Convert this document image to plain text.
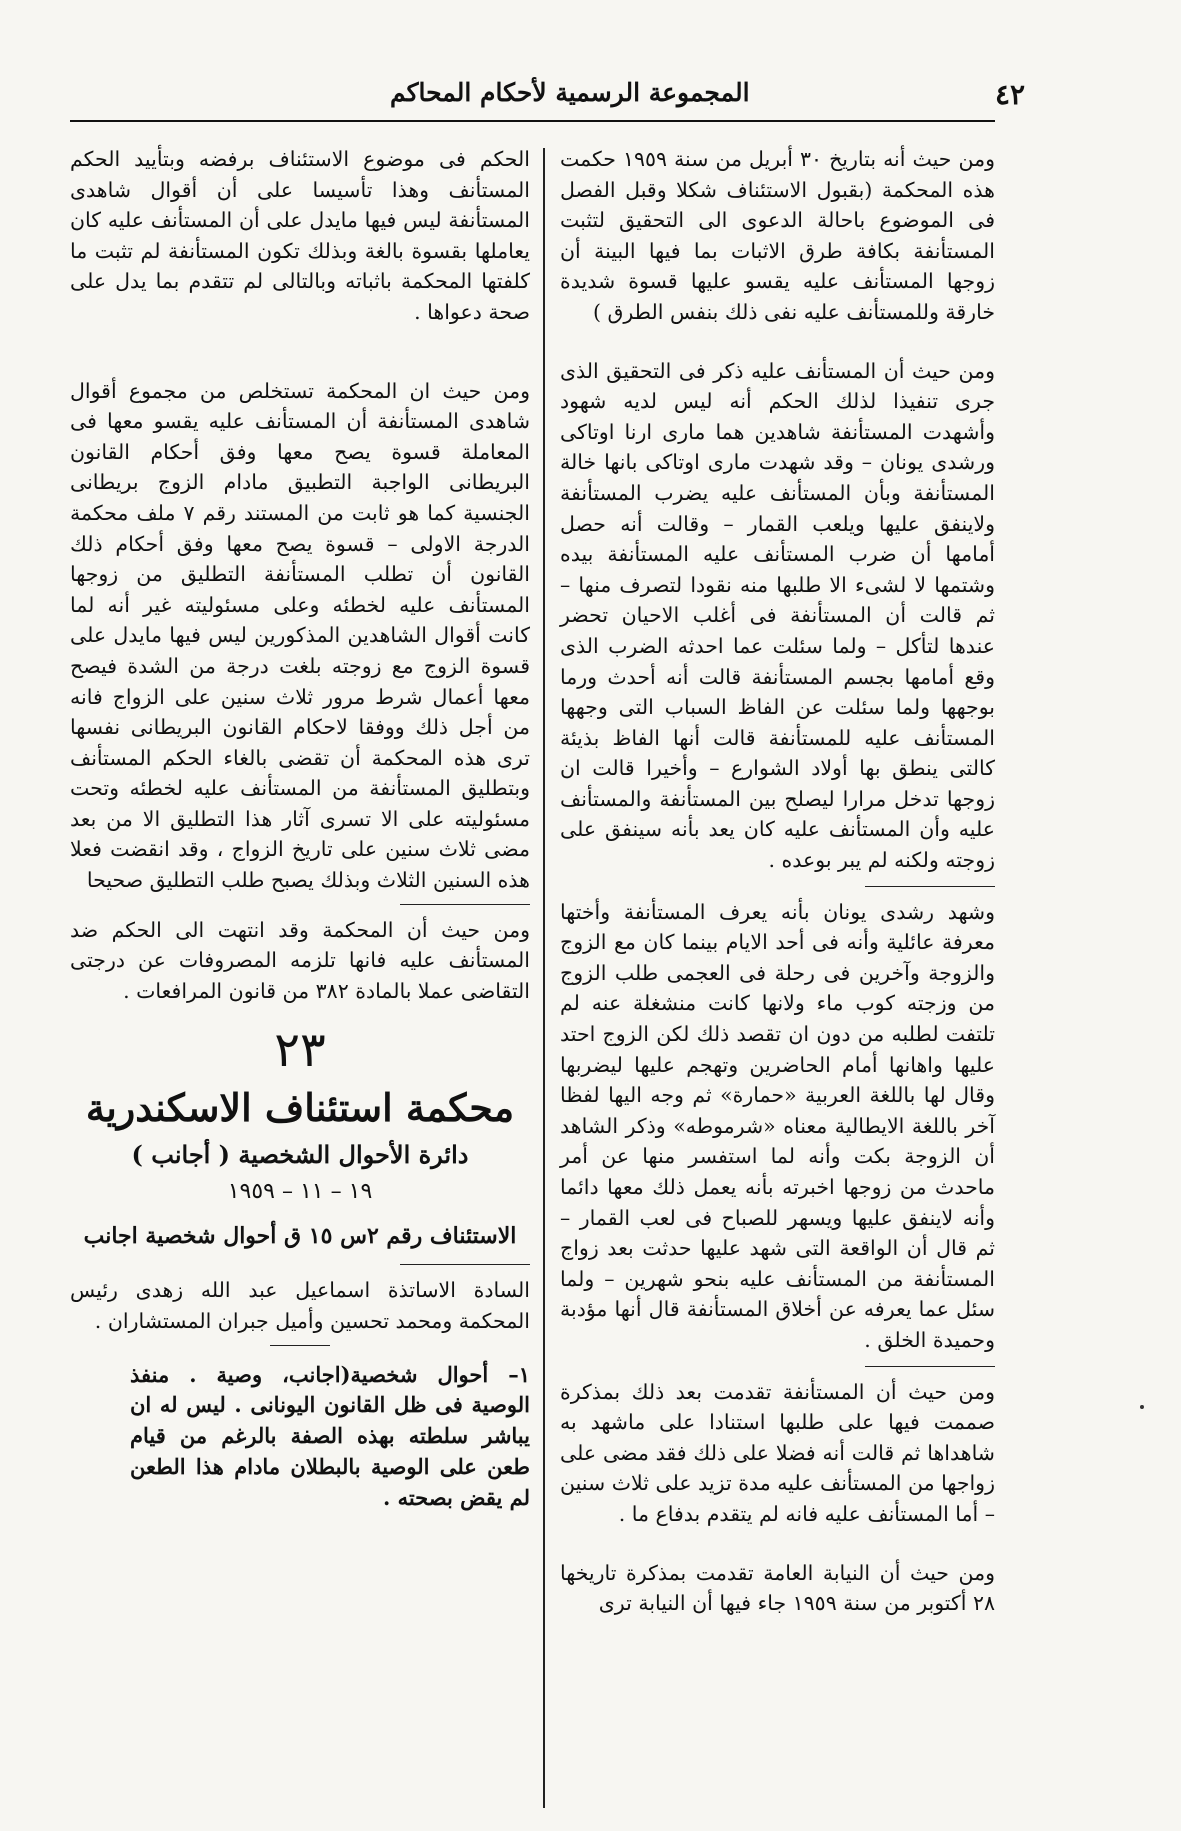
المجموعة الرسمية لأحكام المحاكم	٤٢

ومن حيث أنه بتاريخ ٣٠ أبريل من سنة ١٩٥٩ حكمت هذه المحكمة (بقبول الاستئناف شكلا وقبل الفصل فى الموضوع باحالة الدعوى الى التحقيق لتثبت المستأنفة بكافة طرق الاثبات بما فيها البينة أن زوجها المستأنف عليه يقسو عليها قسوة شديدة خارقة وللمستأنف عليه نفى ذلك بنفس الطرق )

ومن حيث أن المستأنف عليه ذكر فى التحقيق الذى جرى تنفيذا لذلك الحكم أنه ليس لديه شهود وأشهدت المستأنفة شاهدين هما مارى ارنا اوتاكى ورشدى يونان – وقد شهدت مارى اوتاكى بانها خالة المستأنفة وبأن المستأنف عليه يضرب المستأنفة ولاينفق عليها ويلعب القمار – وقالت أنه حصل أمامها أن ضرب المستأنف عليه المستأنفة بيده وشتمها لا لشىء الا طلبها منه نقودا لتصرف منها – ثم قالت أن المستأنفة فى أغلب الاحيان تحضر عندها لتأكل – ولما سئلت عما احدثه الضرب الذى وقع أمامها بجسم المستأنفة قالت أنه أحدث ورما بوجهها ولما سئلت عن الفاظ السباب التى وجهها المستأنف عليه للمستأنفة قالت أنها الفاظ بذيئة كالتى ينطق بها أولاد الشوارع – وأخيرا قالت ان زوجها تدخل مرارا ليصلح بين المستأنفة والمستأنف عليه وأن المستأنف عليه كان يعد بأنه سينفق على زوجته ولكنه لم يبر بوعده .

وشهد رشدى يونان بأنه يعرف المستأنفة وأختها معرفة عائلية وأنه فى أحد الايام بينما كان مع الزوج والزوجة وآخرين فى رحلة فى العجمى طلب الزوج من وزجته كوب ماء ولانها كانت منشغلة عنه لم تلتفت لطلبه من دون ان تقصد ذلك لكن الزوج احتد عليها واهانها أمام الحاضرين وتهجم عليها ليضربها وقال لها باللغة العربية «حمارة» ثم وجه اليها لفظا آخر باللغة الايطالية معناه «شرموطه» وذكر الشاهد أن الزوجة بكت وأنه لما استفسر منها عن أمر ماحدث من زوجها اخبرته بأنه يعمل ذلك معها دائما وأنه لاينفق عليها ويسهر للصباح فى لعب القمار – ثم قال أن الواقعة التى شهد عليها حدثت بعد زواج المستأنفة من المستأنف عليه بنحو شهرين – ولما سئل عما يعرفه عن أخلاق المستأنفة قال أنها مؤدبة وحميدة الخلق .

ومن حيث أن المستأنفة تقدمت بعد ذلك بمذكرة صممت فيها على طلبها استنادا على ماشهد به شاهداها ثم قالت أنه فضلا على ذلك فقد مضى على زواجها من المستأنف عليه مدة تزيد على ثلاث سنين – أما المستأنف عليه فانه لم يتقدم بدفاع ما .

ومن حيث أن النيابة العامة تقدمت بمذكرة تاريخها ٢٨ أكتوبر من سنة ١٩٥٩ جاء فيها أن النيابة ترى

الحكم فى موضوع الاستئناف برفضه وبتأييد الحكم المستأنف وهذا تأسيسا على أن أقوال شاهدى المستأنفة ليس فيها مايدل على أن المستأنف عليه كان يعاملها بقسوة بالغة وبذلك تكون المستأنفة لم تثبت ما كلفتها المحكمة باثباته وبالتالى لم تتقدم بما يدل على صحة دعواها .

ومن حيث ان المحكمة تستخلص من مجموع أقوال شاهدى المستأنفة أن المستأنف عليه يقسو معها فى المعاملة قسوة يصح معها وفق أحكام القانون البريطانى الواجبة التطبيق مادام الزوج بريطانى الجنسية كما هو ثابت من المستند رقم ٧ ملف محكمة الدرجة الاولى – قسوة يصح معها وفق أحكام ذلك القانون أن تطلب المستأنفة التطليق من زوجها المستأنف عليه لخطئه وعلى مسئوليته غير أنه لما كانت أقوال الشاهدين المذكورين ليس فيها مايدل على قسوة الزوج مع زوجته بلغت درجة من الشدة فيصح معها أعمال شرط مرور ثلاث سنين على الزواج فانه من أجل ذلك ووفقا لاحكام القانون البريطانى نفسها ترى هذه المحكمة أن تقضى بالغاء الحكم المستأنف وبتطليق المستأنفة من المستأنف عليه لخطئه وتحت مسئوليته على الا تسرى آثار هذا التطليق الا من بعد مضى ثلاث سنين على تاريخ الزواج ، وقد انقضت فعلا هذه السنين الثلاث وبذلك يصبح طلب التطليق صحيحا

ومن حيث أن المحكمة وقد انتهت الى الحكم ضد المستأنف عليه فانها تلزمه المصروفات عن درجتى التقاضى عملا بالمادة ٣٨٢ من قانون المرافعات .

٢٣
محكمة استئناف الاسكندرية
دائرة الأحوال الشخصية ( أجانب )
١٩ – ١١ – ١٩٥٩
الاستئناف رقم ٢س ١٥ ق أحوال شخصية اجانب

السادة الاساتذة اسماعيل عبد الله زهدى رئيس المحكمة ومحمد تحسين وأميل جبران المستشاران .

١– أحوال شخصية(اجانب، وصية . منفذ الوصية فى ظل القانون اليونانى . ليس له ان يباشر سلطته بهذه الصفة بالرغم من قيام طعن على الوصية بالبطلان مادام هذا الطعن لم يقض بصحته .
